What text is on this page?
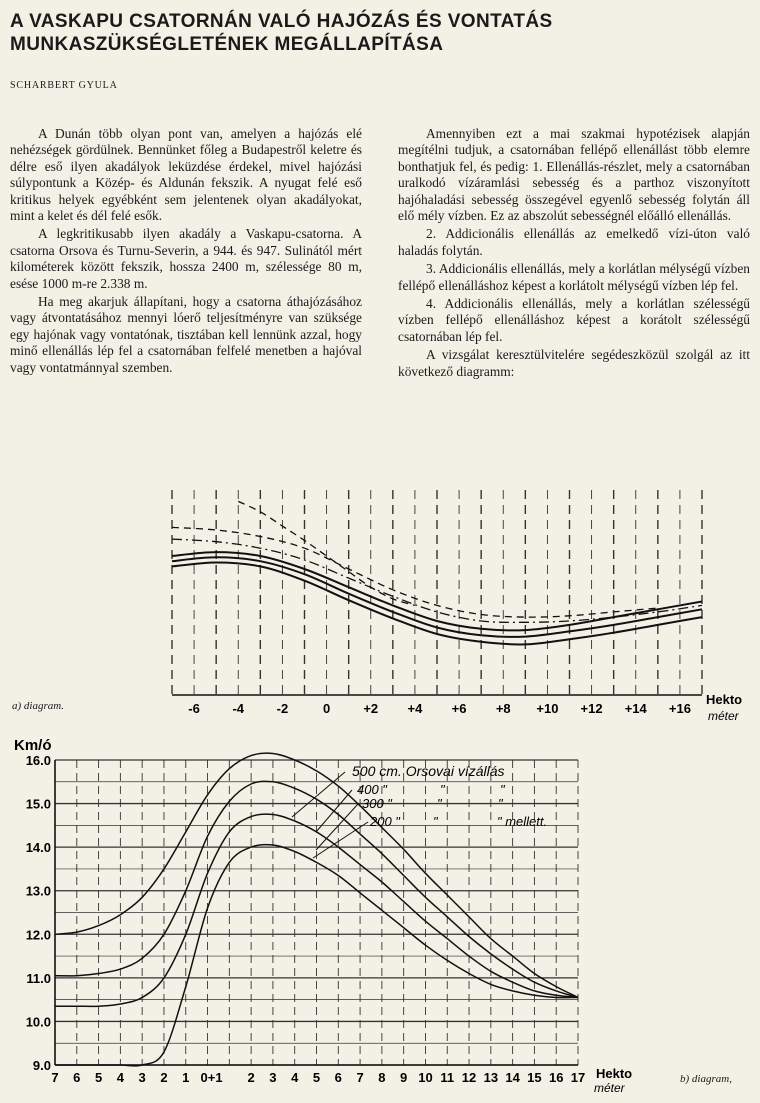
A VASKAPU CSATORNÁN VALÓ HAJÓZÁS ÉS VONTATÁS MUNKASZÜKSÉGLETÉNEK MEGÁLLAPÍTÁSA
SCHARBERT GYULA

A Dunán több olyan pont van, amelyen a hajózás elé nehézségek gördülnek. Bennünket főleg a Budapestről keletre és délre eső ilyen akadályok leküzdése érdekel, mivel hajózási súlypontunk a Közép- és Aldunán fekszik. A nyugat felé eső kritikus helyek egyébként sem jelentenek olyan akadályokat, mint a kelet és dél felé esők.

A legkritikusabb ilyen akadály a Vaskapu-csatorna. A csatorna Orsova és Turnu-Severin, a 944. és 947. Sulinától mért kilométerek között fekszik, hossza 2400 m, szélessége 80 m, esése 1000 m-re 2.338 m.

Ha meg akarjuk állapítani, hogy a csatorna áthajózásához vagy átvontatásához mennyi lóerő teljesítményre van szüksége egy hajónak vagy vontatónak, tisztában kell lennünk azzal, hogy minő ellenállás lép fel a csatornában felfelé menetben a hajóval vagy vontatmánnyal szemben.

Amennyiben ezt a mai szakmai hypotézisek alapján megítélni tudjuk, a csatornában fellépő ellenállást több elemre bonthatjuk fel, és pedig: 1. Ellenállás-részlet, mely a csatornában uralkodó vízáramlási sebesség és a parthoz viszonyított hajóhaladási sebesség összegével egyenlő sebesség folytán áll elő mély vízben. Ez az abszolút sebességnél előálló ellenállás.

2. Addicionális ellenállás az emelkedő vízi-úton való haladás folytán.

3. Addicionális ellenállás, mely a korlátlan mélységű vízben fellépő ellenálláshoz képest a korlátolt mélységű vízben lép fel.

4. Addicionális ellenállás, mely a korlátlan szélességű vízben fellépő ellenálláshoz képest a korátolt szélességű csatornában lép fel.

A vizsgálat keresztülvitelére segédeszközül szolgál az itt következő diagramm:

-6	-4	-2	0	+2 +4 +6 +8 +10 +12 +14 +16
Hekto
méter
a) diagram.
Km/ó
500 cm. Orsovai vízállás
400 "
300 "
200 "
"	"
"	"
"	" mellett.
9.0
10.0
11.0
12.0
13.0
14.0
15.0
16.0
7 6 5 4 3 2 1 0+1 2 3 4 5 6 7 8 9 10 11 12 13 14 15 16 17 Hekto
méter
b) diagram,
